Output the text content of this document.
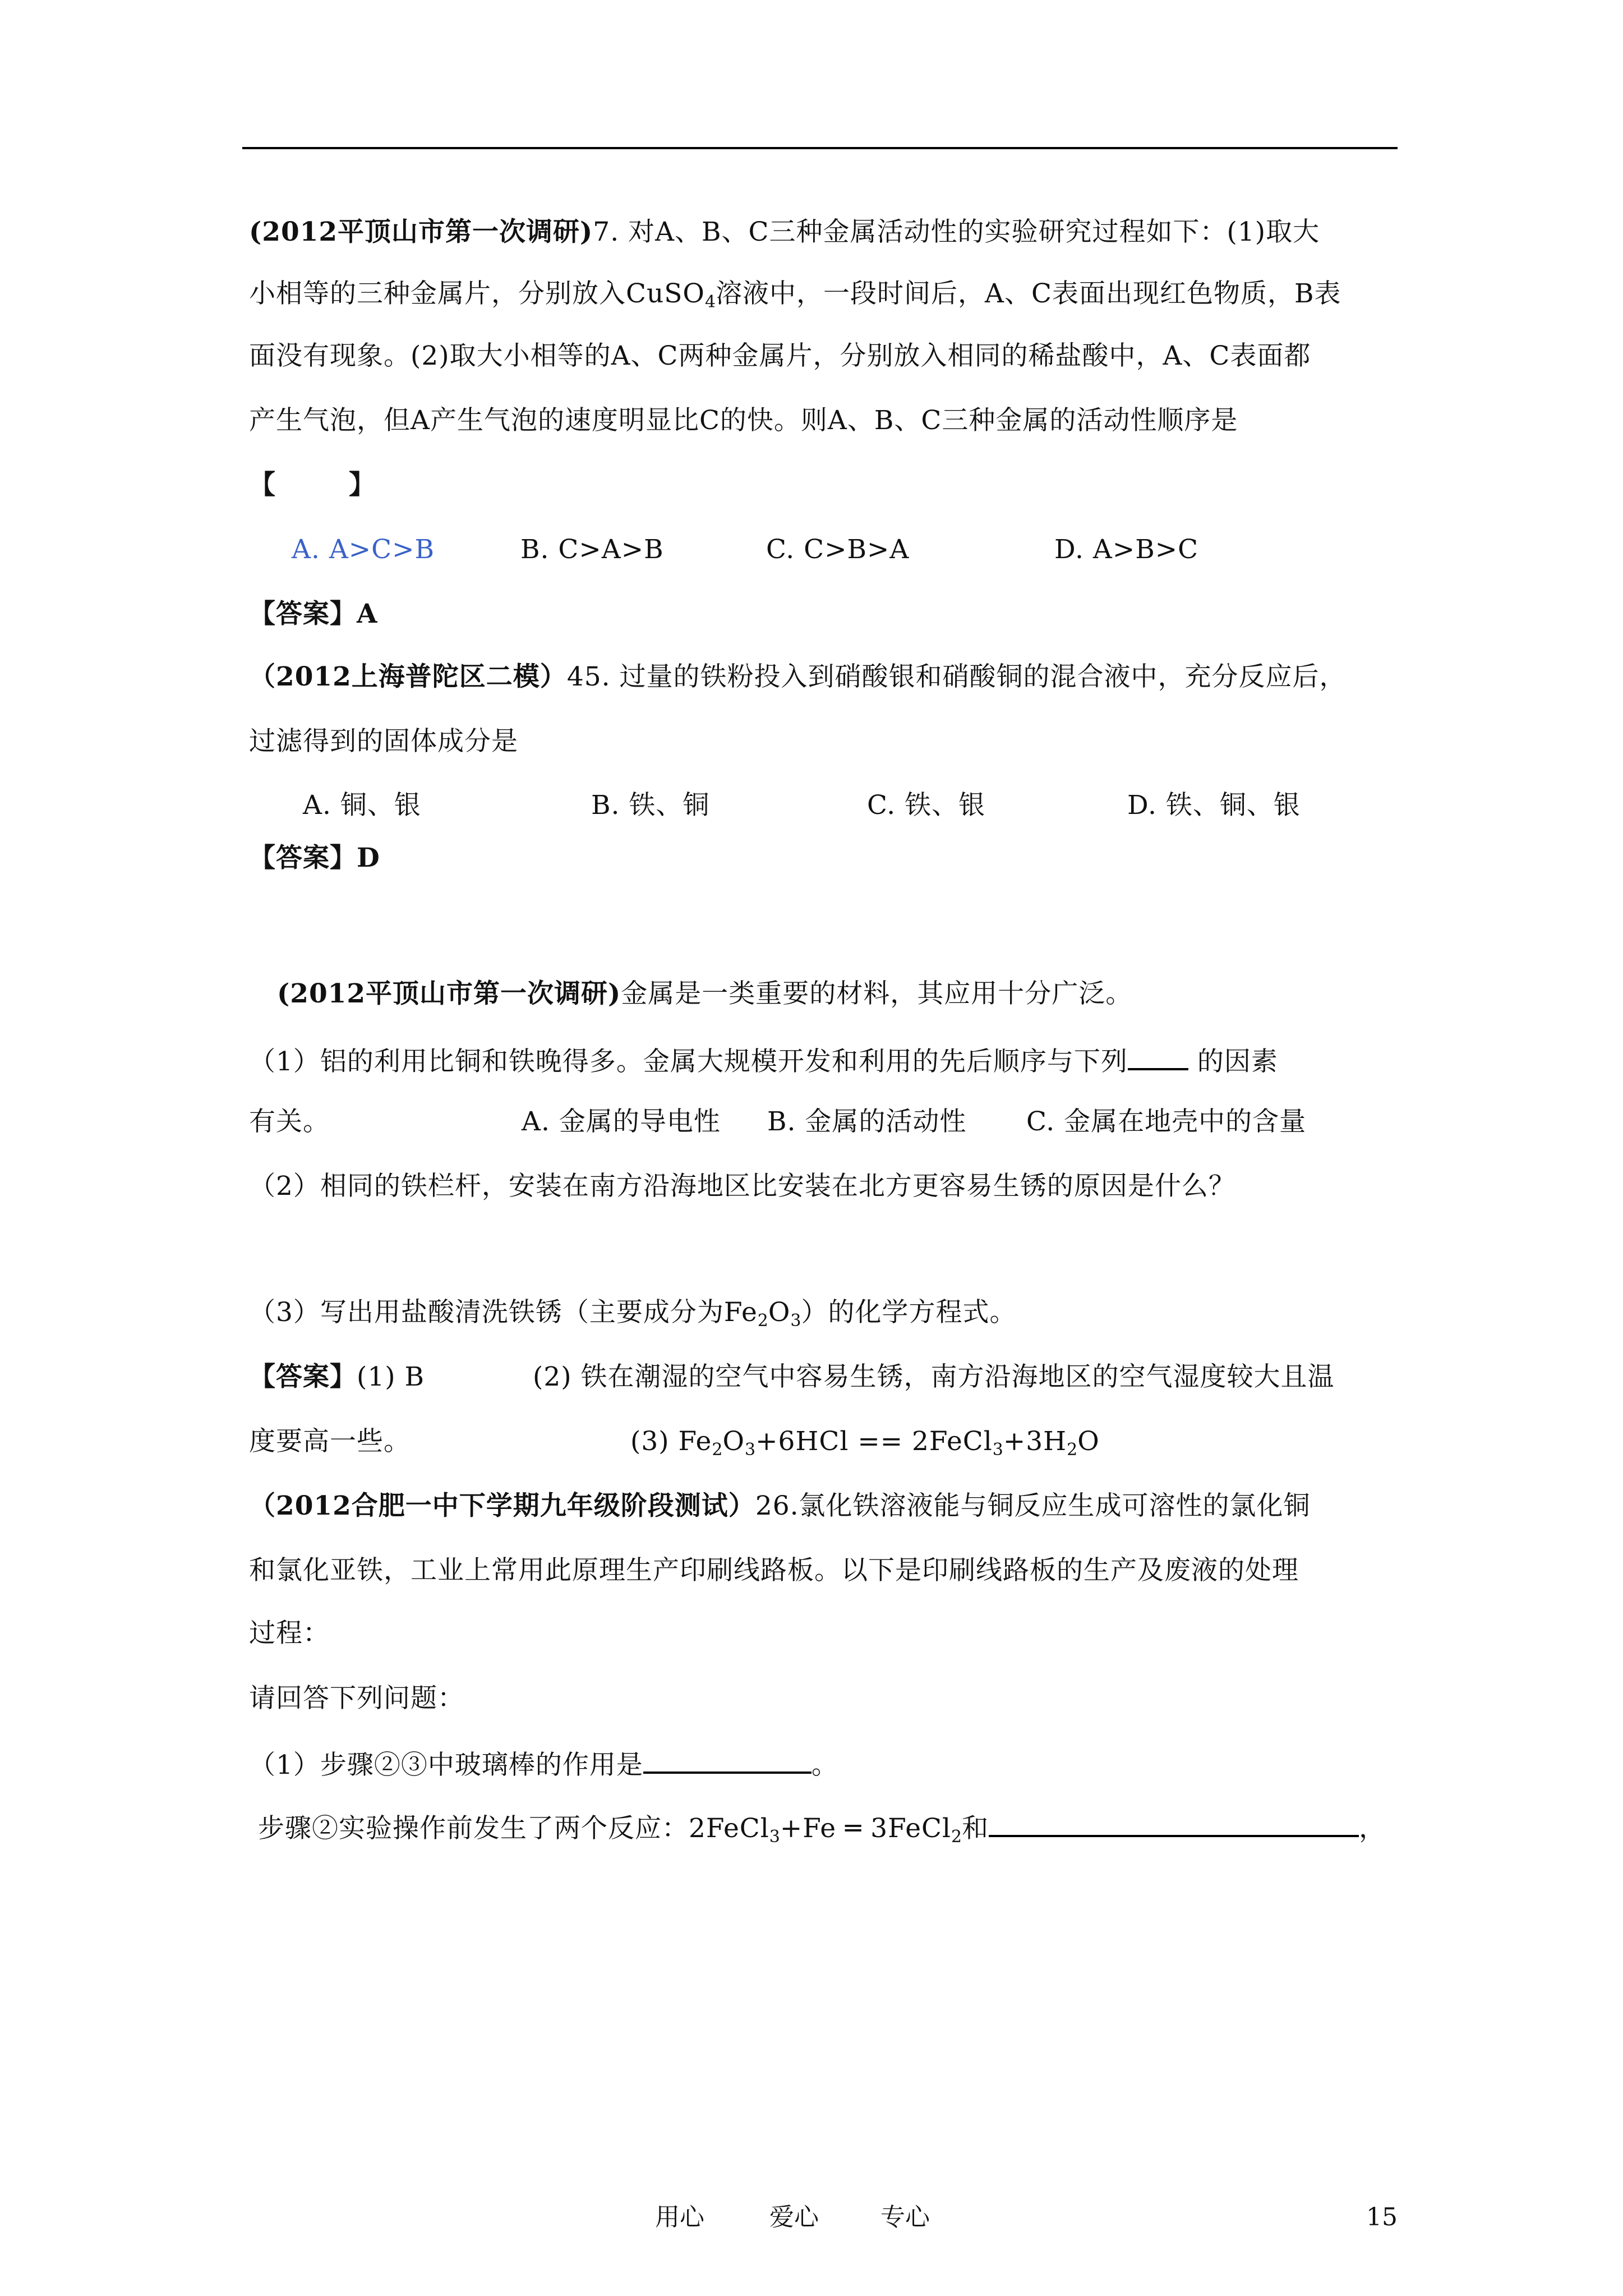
(2012平顶山市第一次调研)7. 对A、B、C三种金属活动性的实验研究过程如下：(1)取大
小相等的三种金属片，分别放入CuSO$_4$溶液中，一段时间后，A、C表面出现红色物质，B表
面没有现象。(2)取大小相等的A、C两种金属片，分别放入相同的稀盐酸中，A、C表面都
产生气泡，但A产生气泡的速度明显比C的快。则A、B、C三种金属的活动性顺序是
【	】
A. A>C>B	B. C>A>B	C. C>B>A	D. A>B>C
【答案】A
（2012上海普陀区二模）45. 过量的铁粉投入到硝酸银和硝酸铜的混合液中，充分反应后，
过滤得到的固体成分是
A. 铜、银	B. 铁、铜	C. 铁、银	D. 铁、铜、银
【答案】D
(2012平顶山市第一次调研)金属是一类重要的材料，其应用十分广泛。
（1）铝的利用比铜和铁晚得多。金属大规模开发和利用的先后顺序与下列 的因素
有关。	A. 金属的导电性 B. 金属的活动性 C. 金属在地壳中的含量
（2）相同的铁栏杆，安装在南方沿海地区比安装在北方更容易生锈的原因是什么？
（3）写出用盐酸清洗铁锈（主要成分为$Fe_2O_3$）的化学方程式。
【答案】(1) B	(2) 铁在潮湿的空气中容易生锈，南方沿海地区的空气湿度较大且温
度要高一些。	(3) $Fe_2O_3+6HCl$ == $2FeCl_3+3H_2O$
（2012合肥一中下学期九年级阶段测试）26.氯化铁溶液能与铜反应生成可溶性的氯化铜
和氯化亚铁，工业上常用此原理生产印刷线路板。以下是印刷线路板的生产及废液的处理
过程：
请回答下列问题：
（1）步骤②③中玻璃棒的作用是	。
步骤②实验操作前发生了两个反应：2FeCl$_3$+Fe ═ 3FeCl$_2$和	，
用心	爱心	专心	15
